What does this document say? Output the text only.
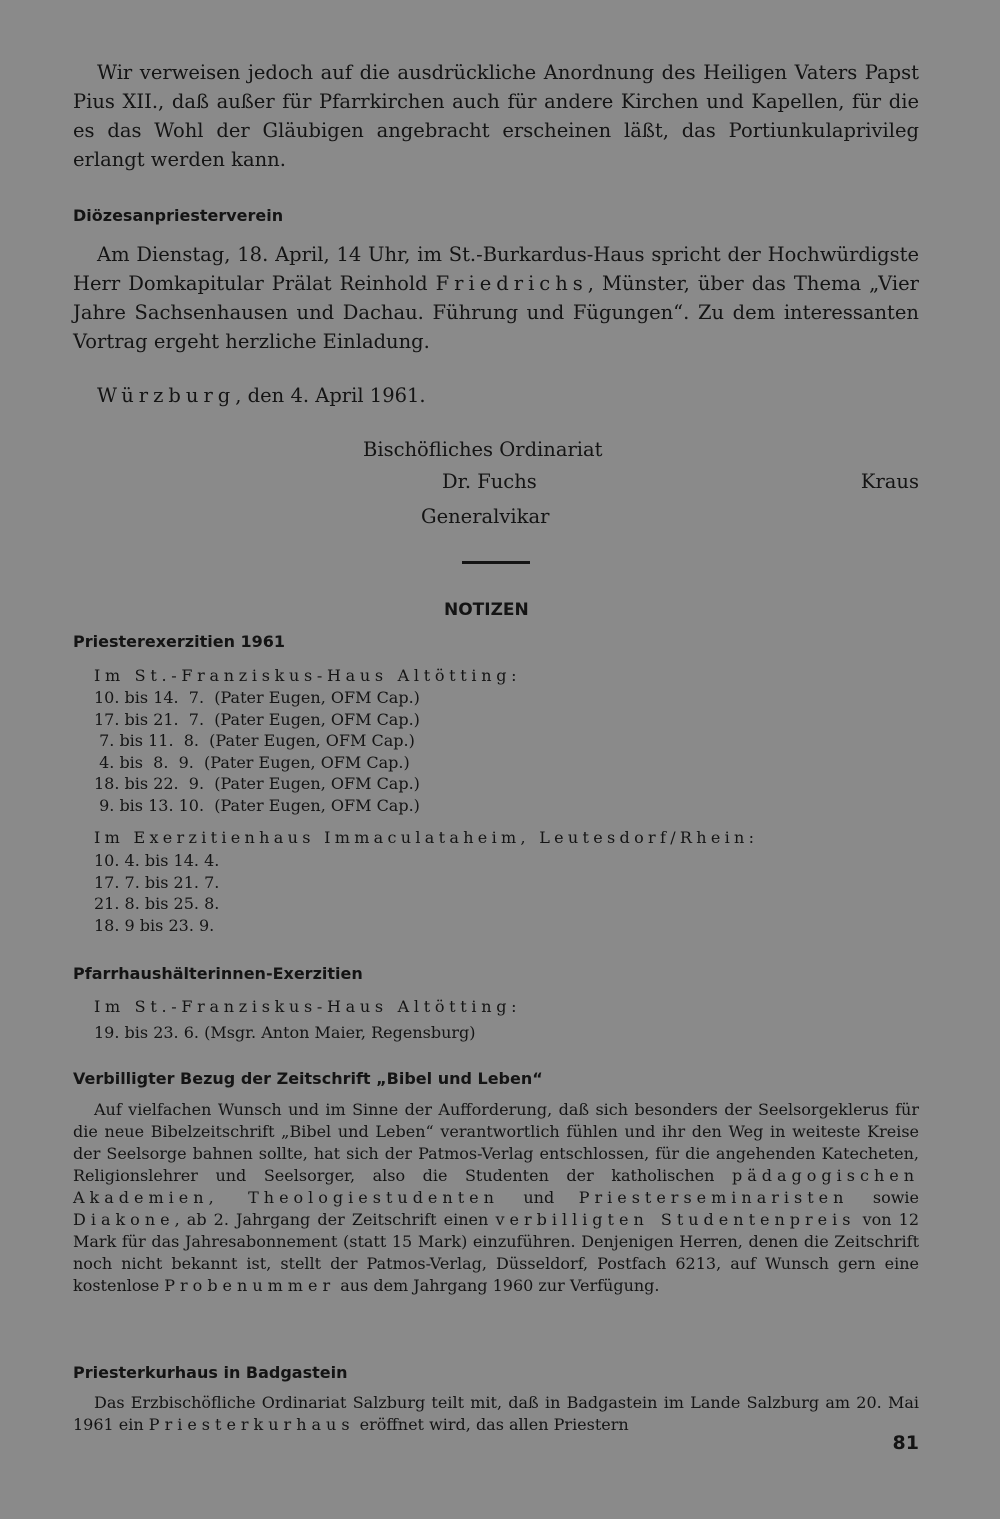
Wir verweisen jedoch auf die ausdrückliche Anordnung des Heiligen Vaters Papst Pius XII., daß außer für Pfarrkirchen auch für andere Kirchen und Kapellen, für die es das Wohl der Gläubigen angebracht erscheinen läßt, das Portiunkulaprivileg erlangt werden kann.

Diözesanpriesterverein

Am Dienstag, 18. April, 14 Uhr, im St.-Burkardus-Haus spricht der Hochwürdigste Herr Domkapitular Prälat Reinhold Friedrichs, Münster, über das Thema „Vier Jahre Sachsenhausen und Dachau. Führung und Fügungen“. Zu dem interessanten Vortrag ergeht herzliche Einladung.

Würzburg, den 4. April 1961.

Bischöfliches Ordinariat
Dr. Fuchs	Kraus
Generalvikar
NOTIZEN

Priesterexerzitien 1961

Im St.-Franziskus-Haus Altötting:
10. bis 14.  7.  (Pater Eugen, OFM Cap.)
17. bis 21.  7.  (Pater Eugen, OFM Cap.)
7. bis 11.  8.  (Pater Eugen, OFM Cap.)
4. bis  8.  9.  (Pater Eugen, OFM Cap.)
18. bis 22.  9.  (Pater Eugen, OFM Cap.)
9. bis 13. 10.  (Pater Eugen, OFM Cap.)
Im Exerzitienhaus Immaculataheim, Leutesdorf/Rhein:
10. 4. bis 14. 4.
17. 7. bis 21. 7.
21. 8. bis 25. 8.
18. 9 bis 23. 9.

Pfarrhaushälterinnen-Exerzitien

Im St.-Franziskus-Haus Altötting:
19. bis 23. 6. (Msgr. Anton Maier, Regensburg)

Verbilligter Bezug der Zeitschrift „Bibel und Leben“

Auf vielfachen Wunsch und im Sinne der Aufforderung, daß sich besonders der Seelsorgeklerus für die neue Bibelzeitschrift „Bibel und Leben“ verantwortlich fühlen und ihr den Weg in weiteste Kreise der Seelsorge bahnen sollte, hat sich der Patmos-Verlag entschlossen, für die angehenden Katecheten, Religionslehrer und Seelsorger, also die Studenten der katholischen pädagogischen Akademien, Theologiestudenten und Priesterseminaristen sowie Diakone, ab 2. Jahrgang der Zeitschrift einen verbilligten Studentenpreis von 12 Mark für das Jahresabonnement (statt 15 Mark) einzuführen. Denjenigen Herren, denen die Zeitschrift noch nicht bekannt ist, stellt der Patmos-Verlag, Düsseldorf, Postfach 6213, auf Wunsch gern eine kostenlose Probenummer aus dem Jahrgang 1960 zur Verfügung.

Priesterkurhaus in Badgastein

Das Erzbischöfliche Ordinariat Salzburg teilt mit, daß in Badgastein im Lande Salzburg am 20. Mai 1961 ein Priesterkurhaus eröffnet wird, das allen Priestern

81
